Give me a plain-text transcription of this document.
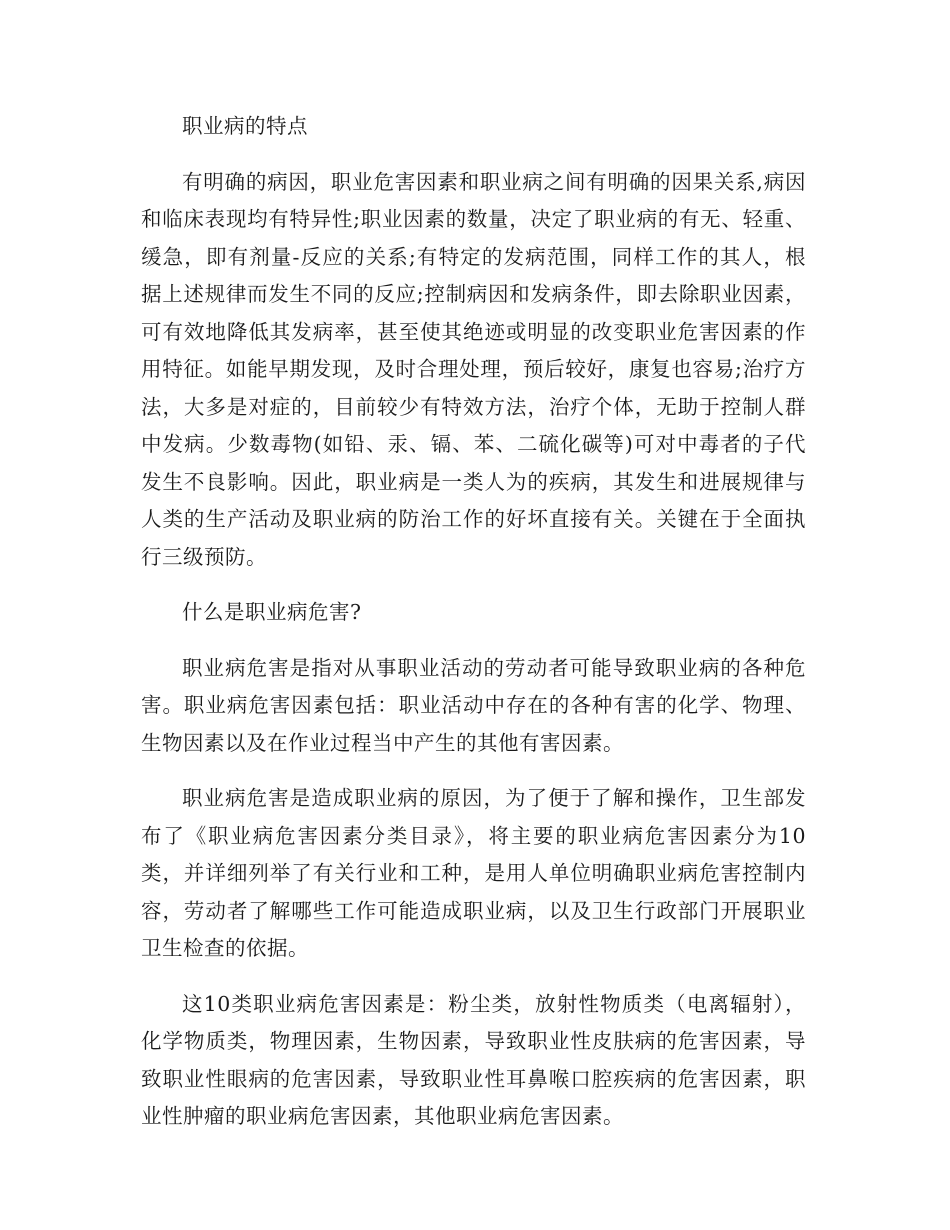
职业病的特点

有明确的病因，职业危害因素和职业病之间有明确的因果关系,病因和临床表现均有特异性;职业因素的数量，决定了职业病的有无、轻重、缓急，即有剂量-反应的关系;有特定的发病范围，同样工作的其人，根据上述规律而发生不同的反应;控制病因和发病条件，即去除职业因素，可有效地降低其发病率，甚至使其绝迹或明显的改变职业危害因素的作用特征。如能早期发现，及时合理处理，预后较好，康复也容易;治疗方法，大多是对症的，目前较少有特效方法，治疗个体，无助于控制人群中发病。少数毒物(如铅、汞、镉、苯、二硫化碳等)可对中毒者的子代发生不良影响。因此，职业病是一类人为的疾病，其发生和进展规律与人类的生产活动及职业病的防治工作的好坏直接有关。关键在于全面执行三级预防。

什么是职业病危害?

职业病危害是指对从事职业活动的劳动者可能导致职业病的各种危害。职业病危害因素包括：职业活动中存在的各种有害的化学、物理、生物因素以及在作业过程当中产生的其他有害因素。

职业病危害是造成职业病的原因，为了便于了解和操作，卫生部发布了《职业病危害因素分类目录》，将主要的职业病危害因素分为10类，并详细列举了有关行业和工种，是用人单位明确职业病危害控制内容，劳动者了解哪些工作可能造成职业病，以及卫生行政部门开展职业卫生检查的依据。

这10类职业病危害因素是：粉尘类，放射性物质类（电离辐射），化学物质类，物理因素，生物因素，导致职业性皮肤病的危害因素，导致职业性眼病的危害因素，导致职业性耳鼻喉口腔疾病的危害因素，职业性肿瘤的职业病危害因素，其他职业病危害因素。
